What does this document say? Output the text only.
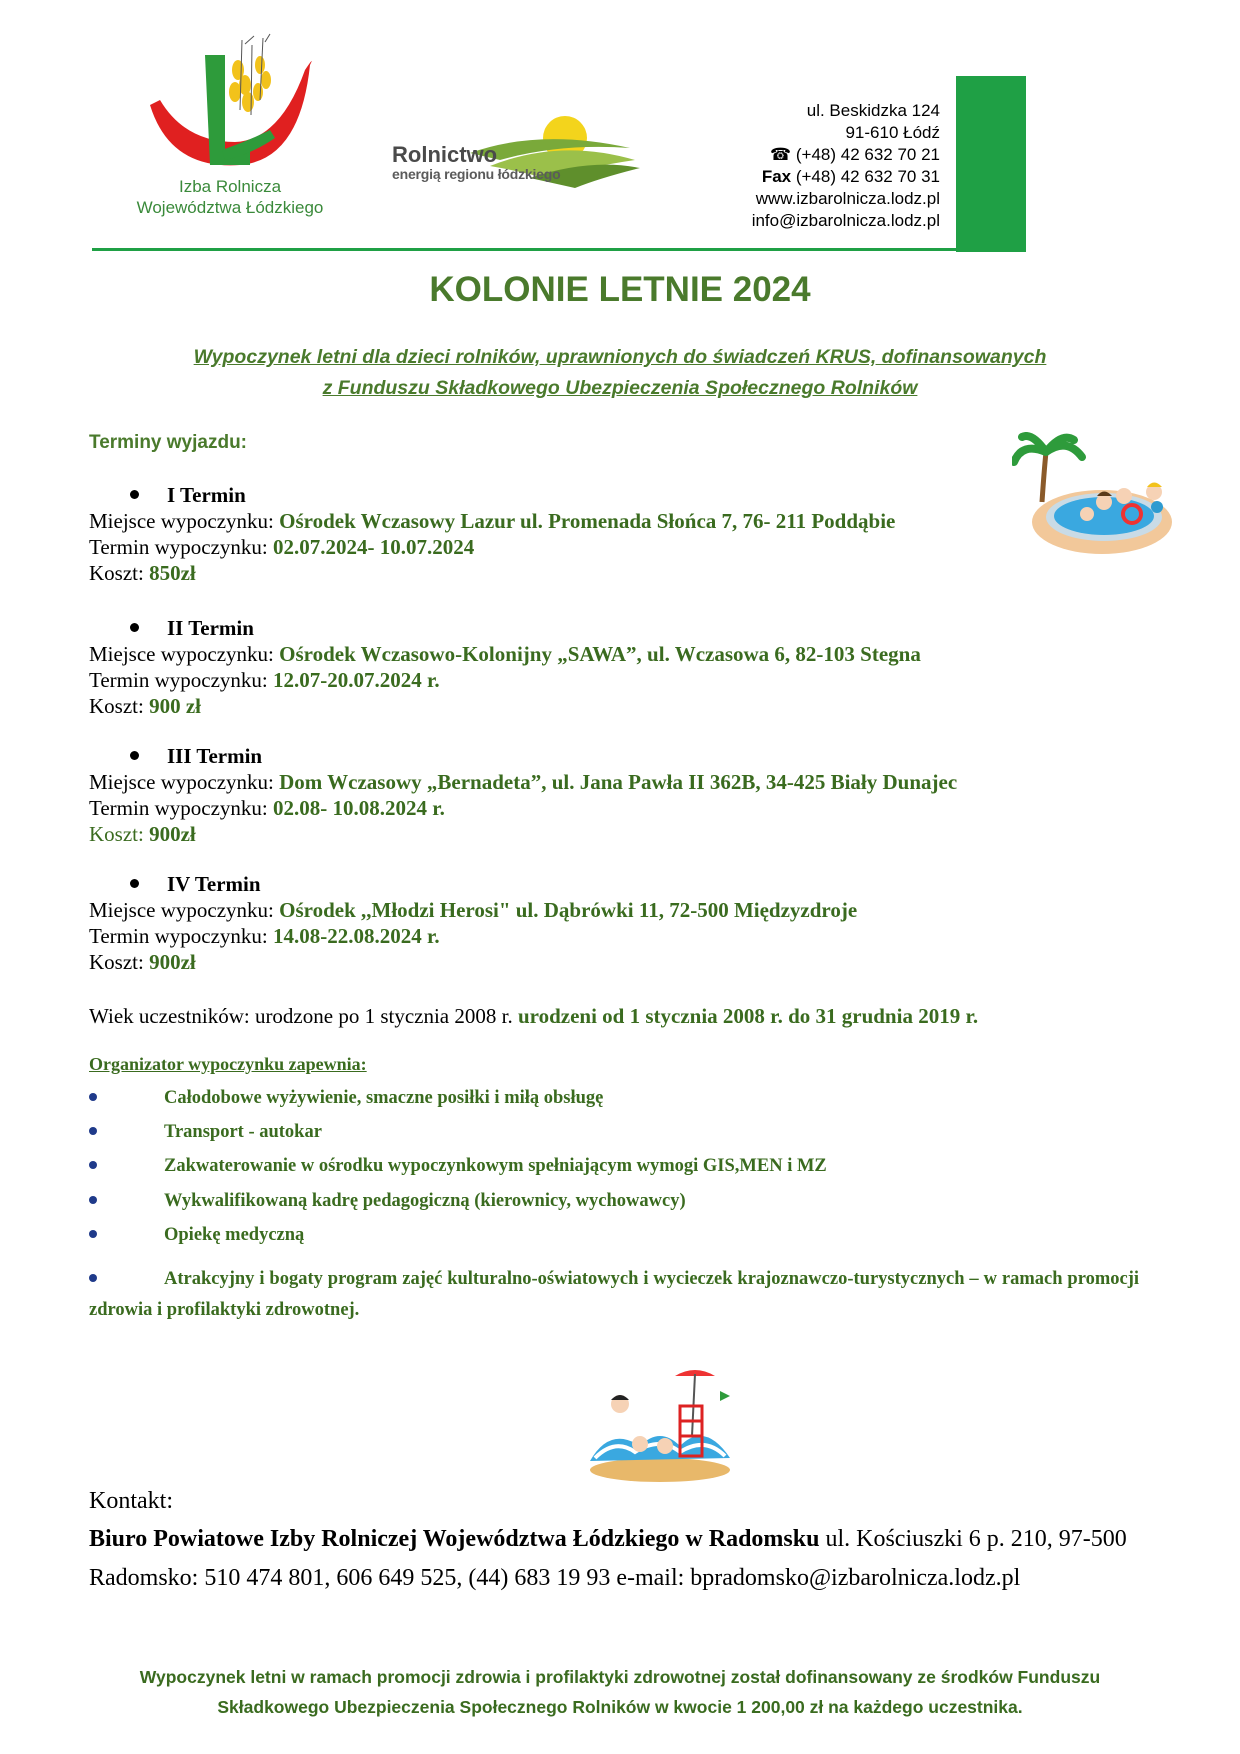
Izba Rolnicza
Województwa Łódzkiego
Rolnictwo
energią regionu łódzkiego
ul. Beskidzka 124
91-610 Łódź
☎ (+48) 42 632 70 21
Fax (+48) 42 632 70 31
www.izbarolnicza.lodz.pl
info@izbarolnicza.lodz.pl
KOLONIE LETNIE 2024
Wypoczynek letni dla dzieci rolników, uprawnionych do świadczeń KRUS, dofinansowanych
z Funduszu Składkowego Ubezpieczenia Społecznego Rolników
Terminy wyjazdu:
I Termin
Miejsce wypoczynku: Ośrodek Wczasowy Lazur ul. Promenada Słońca 7, 76- 211 Poddąbie
Termin wypoczynku: 02.07.2024- 10.07.2024
Koszt: 850zł
II Termin
Miejsce wypoczynku: Ośrodek Wczasowo-Kolonijny „SAWA”, ul. Wczasowa 6, 82-103 Stegna
Termin wypoczynku: 12.07-20.07.2024 r.
Koszt: 900 zł
III Termin
Miejsce wypoczynku: Dom Wczasowy „Bernadeta”, ul. Jana Pawła II 362B, 34-425 Biały Dunajec
Termin wypoczynku: 02.08- 10.08.2024 r.
Koszt: 900zł
IV Termin
Miejsce wypoczynku: Ośrodek ,,Młodzi Herosi" ul. Dąbrówki 11, 72-500 Międzyzdroje
Termin wypoczynku: 14.08-22.08.2024 r.
Koszt: 900zł
Wiek uczestników: urodzone po 1 stycznia 2008 r. urodzeni od 1 stycznia 2008 r. do 31 grudnia 2019 r.
Organizator wypoczynku zapewnia:
Całodobowe wyżywienie, smaczne posiłki i miłą obsługę
Transport - autokar
Zakwaterowanie w ośrodku wypoczynkowym spełniającym wymogi GIS,MEN i MZ
Wykwalifikowaną kadrę pedagogiczną (kierownicy, wychowawcy)
Opiekę medyczną
Atrakcyjny i bogaty program zajęć kulturalno-oświatowych i wycieczek krajoznawczo-turystycznych – w ramach promocji zdrowia i profilaktyki zdrowotnej.
Kontakt:
Biuro Powiatowe Izby Rolniczej Województwa Łódzkiego w Radomsku ul. Kościuszki 6 p. 210, 97-500 Radomsko: 510 474 801, 606 649 525, (44) 683 19 93 e-mail: bpradomsko@izbarolnicza.lodz.pl
Wypoczynek letni w ramach promocji zdrowia i profilaktyki zdrowotnej został dofinansowany ze środków Funduszu
Składkowego Ubezpieczenia Społecznego Rolników w kwocie 1 200,00 zł na każdego uczestnika.
